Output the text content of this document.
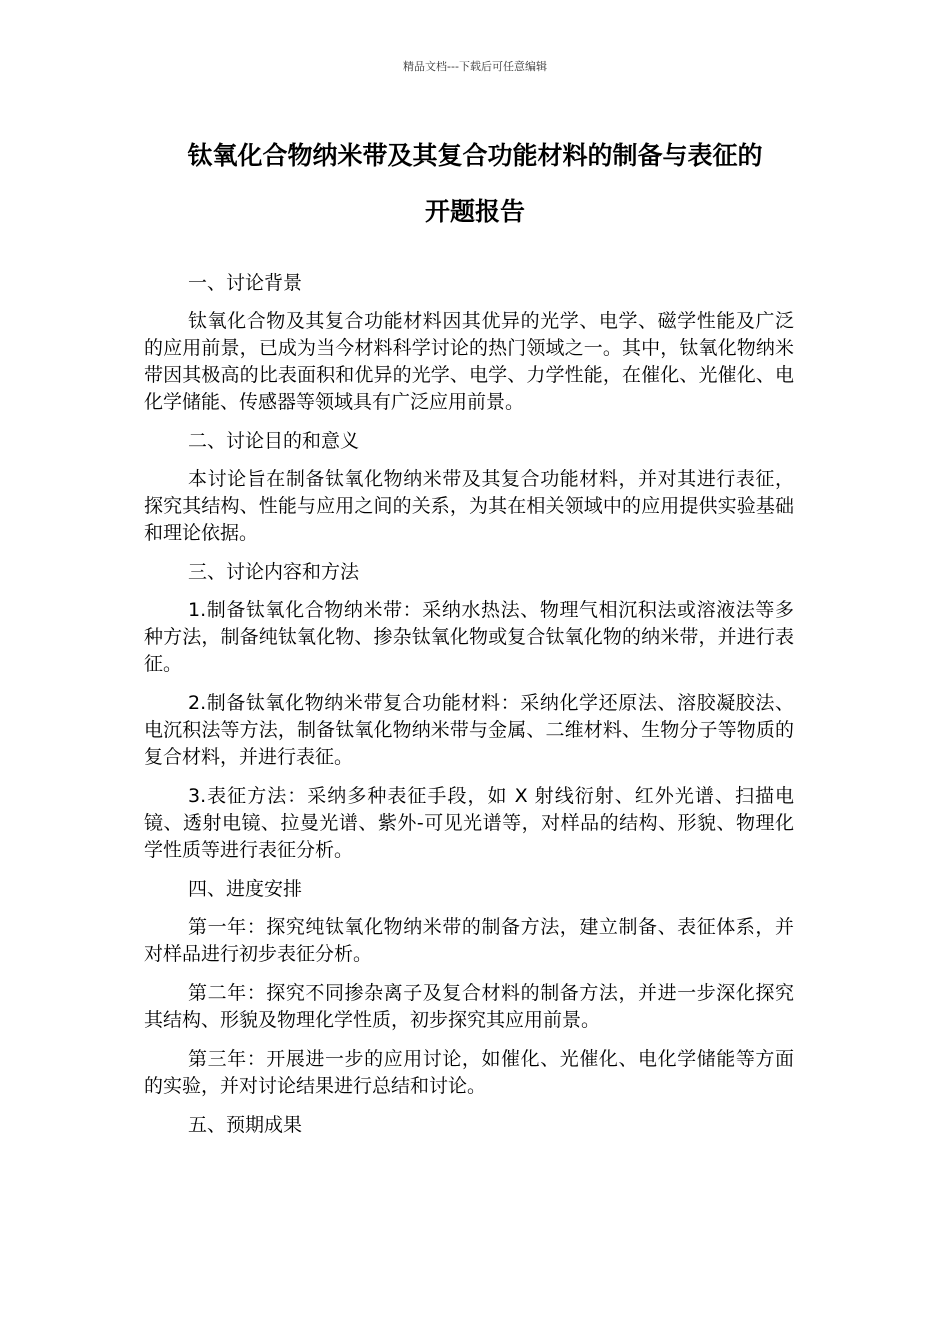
精品文档---下载后可任意编辑
钛氧化合物纳米带及其复合功能材料的制备与表征的
开题报告

一、讨论背景

钛氧化合物及其复合功能材料因其优异的光学、电学、磁学性能及广泛的应用前景，已成为当今材料科学讨论的热门领域之一。其中，钛氧化物纳米带因其极高的比表面积和优异的光学、电学、力学性能，在催化、光催化、电化学储能、传感器等领域具有广泛应用前景。

二、讨论目的和意义

本讨论旨在制备钛氧化物纳米带及其复合功能材料，并对其进行表征，探究其结构、性能与应用之间的关系，为其在相关领域中的应用提供实验基础和理论依据。

三、讨论内容和方法

1.制备钛氧化合物纳米带：采纳水热法、物理气相沉积法或溶液法等多种方法，制备纯钛氧化物、掺杂钛氧化物或复合钛氧化物的纳米带，并进行表征。

2.制备钛氧化物纳米带复合功能材料：采纳化学还原法、溶胶凝胶法、电沉积法等方法，制备钛氧化物纳米带与金属、二维材料、生物分子等物质的复合材料，并进行表征。

3.表征方法：采纳多种表征手段，如 X 射线衍射、红外光谱、扫描电镜、透射电镜、拉曼光谱、紫外-可见光谱等，对样品的结构、形貌、物理化学性质等进行表征分析。

四、进度安排

第一年：探究纯钛氧化物纳米带的制备方法，建立制备、表征体系，并对样品进行初步表征分析。

第二年：探究不同掺杂离子及复合材料的制备方法，并进一步深化探究其结构、形貌及物理化学性质，初步探究其应用前景。

第三年：开展进一步的应用讨论，如催化、光催化、电化学储能等方面的实验，并对讨论结果进行总结和讨论。

五、预期成果
